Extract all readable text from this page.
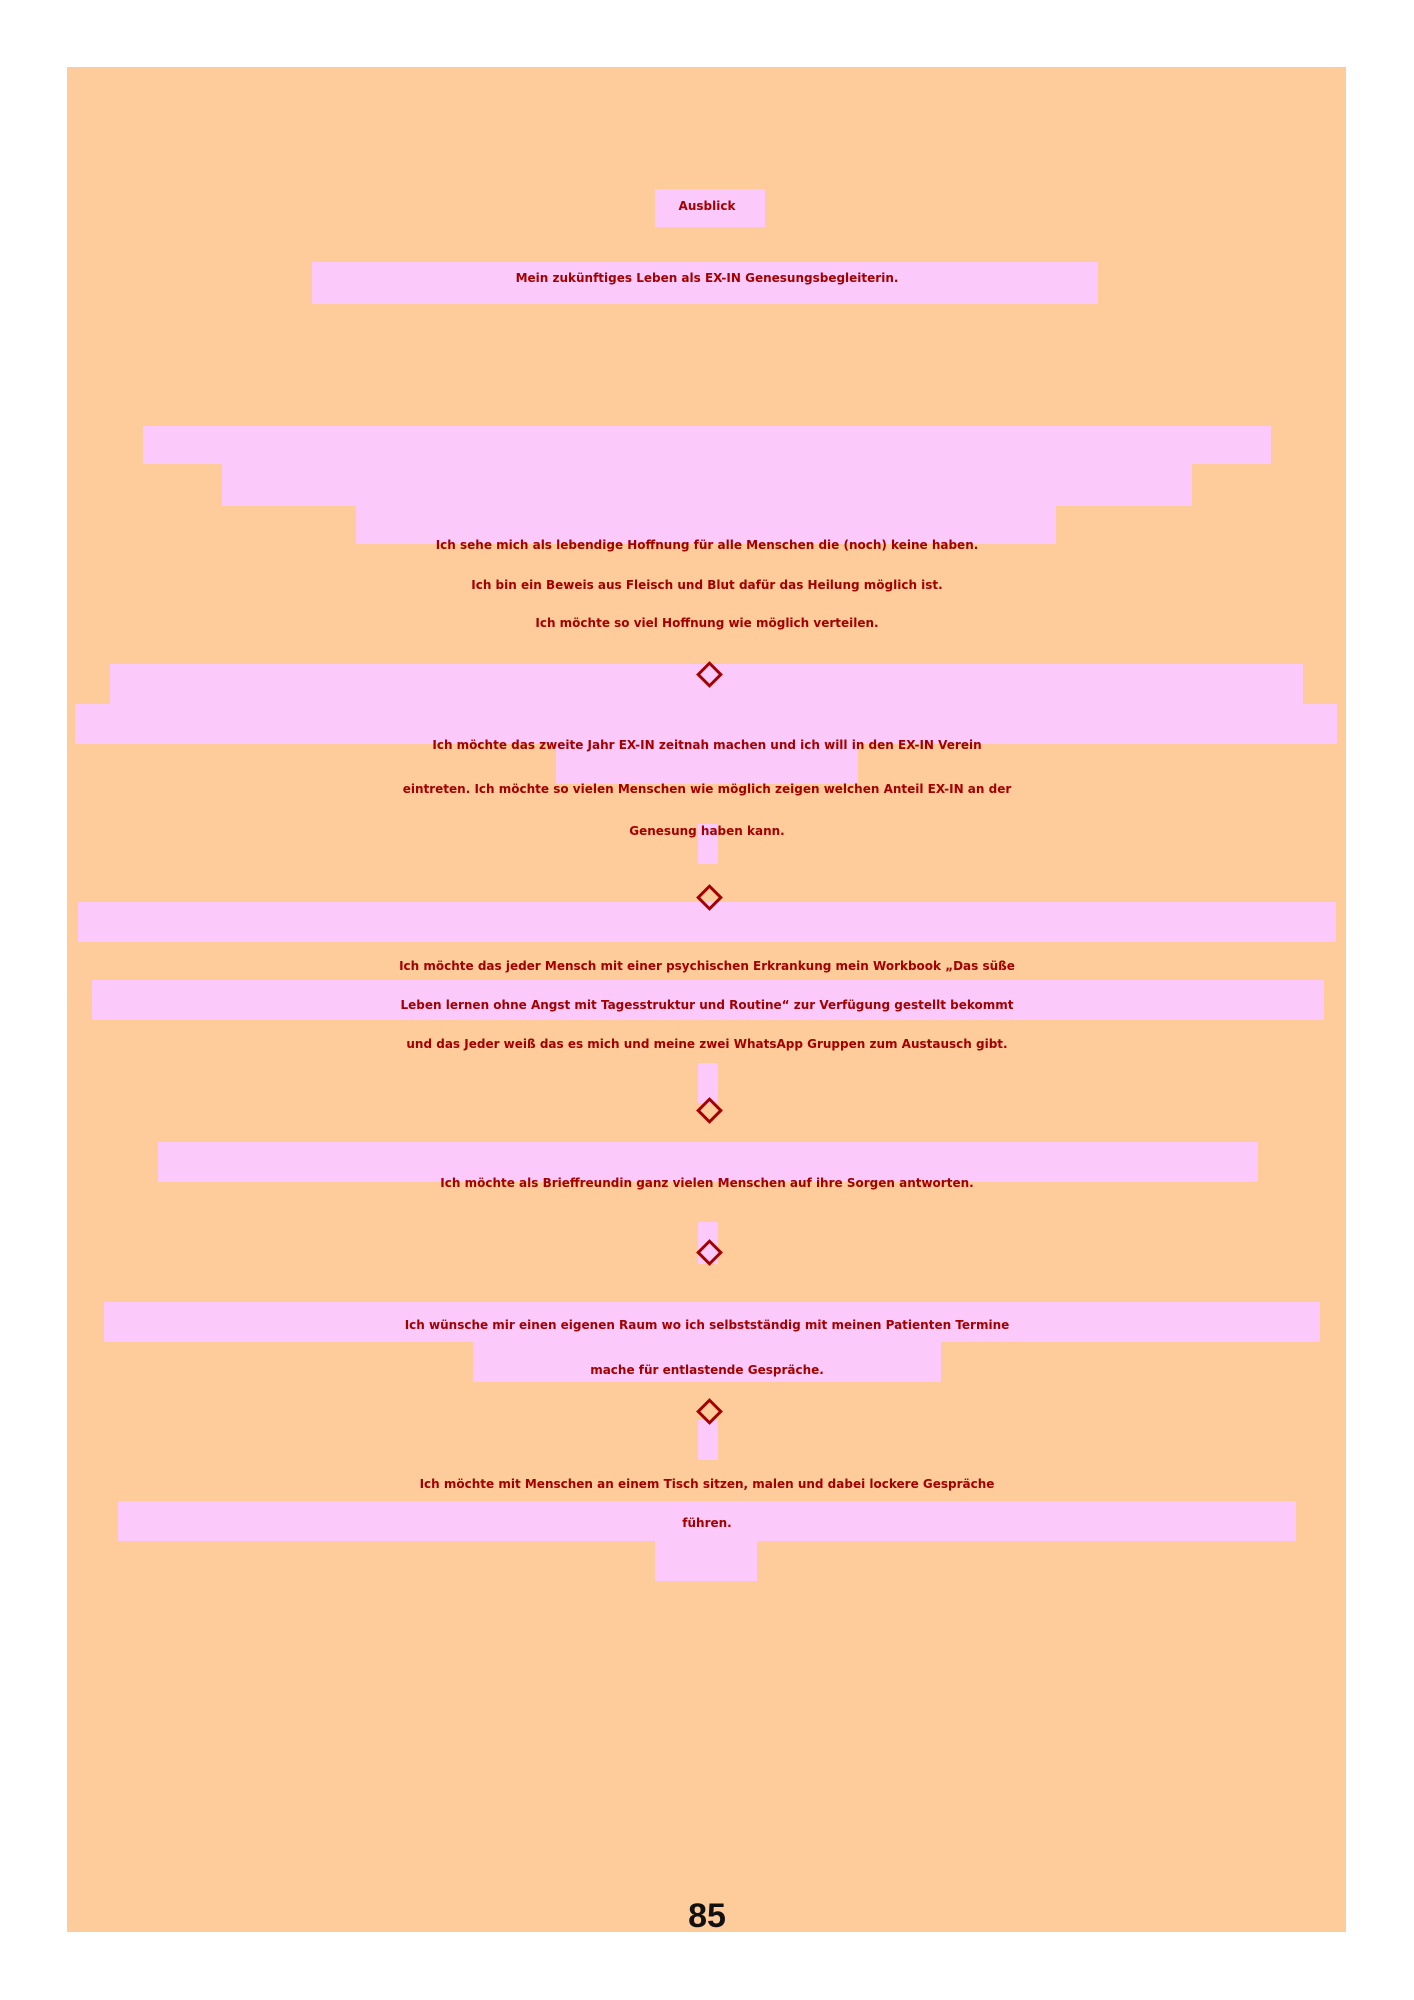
Ausblick
Mein zukünftiges Leben als EX-IN Genesungsbegleiterin.
Ich sehe mich als lebendige Hoffnung für alle Menschen die (noch) keine haben.
Ich bin ein Beweis aus Fleisch und Blut dafür das Heilung möglich ist.
Ich möchte so viel Hoffnung wie möglich verteilen.
Ich möchte das zweite Jahr EX-IN zeitnah machen und ich will in den EX-IN Verein
eintreten. Ich möchte so vielen Menschen wie möglich zeigen welchen Anteil EX-IN an der
Genesung haben kann.
Ich möchte das jeder Mensch mit einer psychischen Erkrankung mein Workbook „Das süße
Leben lernen ohne Angst mit Tagesstruktur und Routine“ zur Verfügung gestellt bekommt
und das Jeder weiß das es mich und meine zwei WhatsApp Gruppen zum Austausch gibt.
Ich möchte als Brieffreundin ganz vielen Menschen auf ihre Sorgen antworten.
Ich wünsche mir einen eigenen Raum wo ich selbstständig mit meinen Patienten Termine
mache für entlastende Gespräche.
Ich möchte mit Menschen an einem Tisch sitzen, malen und dabei lockere Gespräche
führen.
85
